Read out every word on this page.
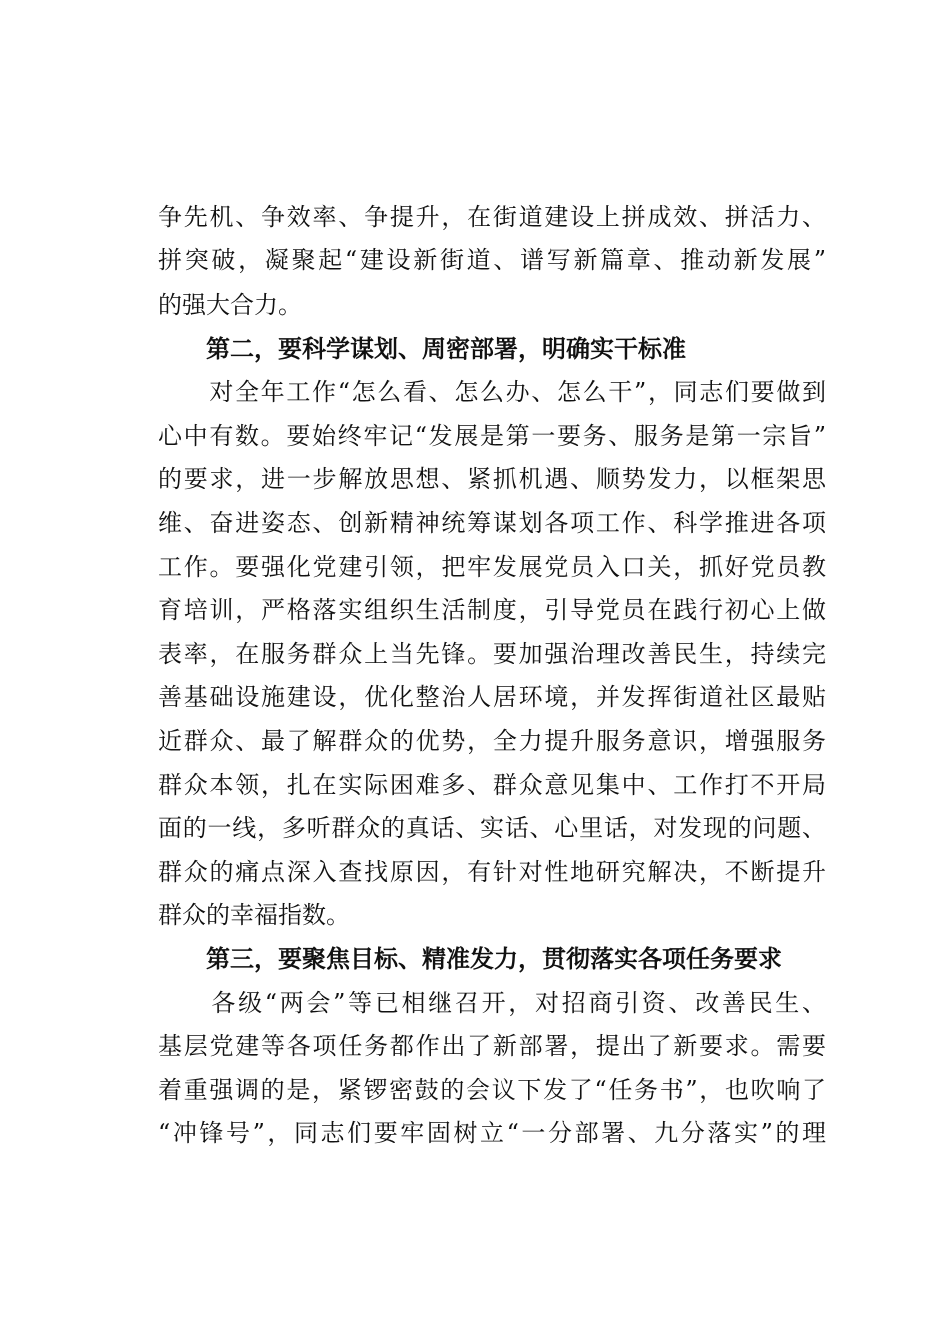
争先机、争效率、争提升，在街道建设上拼成效、拼活力、
拼突破，凝聚起“建设新街道、谱写新篇章、推动新发展”
的强大合力。
第二，要科学谋划、周密部署，明确实干标准
　　对全年工作“怎么看、怎么办、怎么干”，同志们要做到
心中有数。要始终牢记“发展是第一要务、服务是第一宗旨”
的要求，进一步解放思想、紧抓机遇、顺势发力，以框架思
维、奋进姿态、创新精神统筹谋划各项工作、科学推进各项
工作。要强化党建引领，把牢发展党员入口关，抓好党员教
育培训，严格落实组织生活制度，引导党员在践行初心上做
表率，在服务群众上当先锋。要加强治理改善民生，持续完
善基础设施建设，优化整治人居环境，并发挥街道社区最贴
近群众、最了解群众的优势，全力提升服务意识，增强服务
群众本领，扎在实际困难多、群众意见集中、工作打不开局
面的一线，多听群众的真话、实话、心里话，对发现的问题、
群众的痛点深入查找原因，有针对性地研究解决，不断提升
群众的幸福指数。
第三，要聚焦目标、精准发力，贯彻落实各项任务要求
　　各级“两会”等已相继召开，对招商引资、改善民生、
基层党建等各项任务都作出了新部署，提出了新要求。需要
着重强调的是，紧锣密鼓的会议下发了“任务书”，也吹响了
“冲锋号”，同志们要牢固树立“一分部署、九分落实”的理
